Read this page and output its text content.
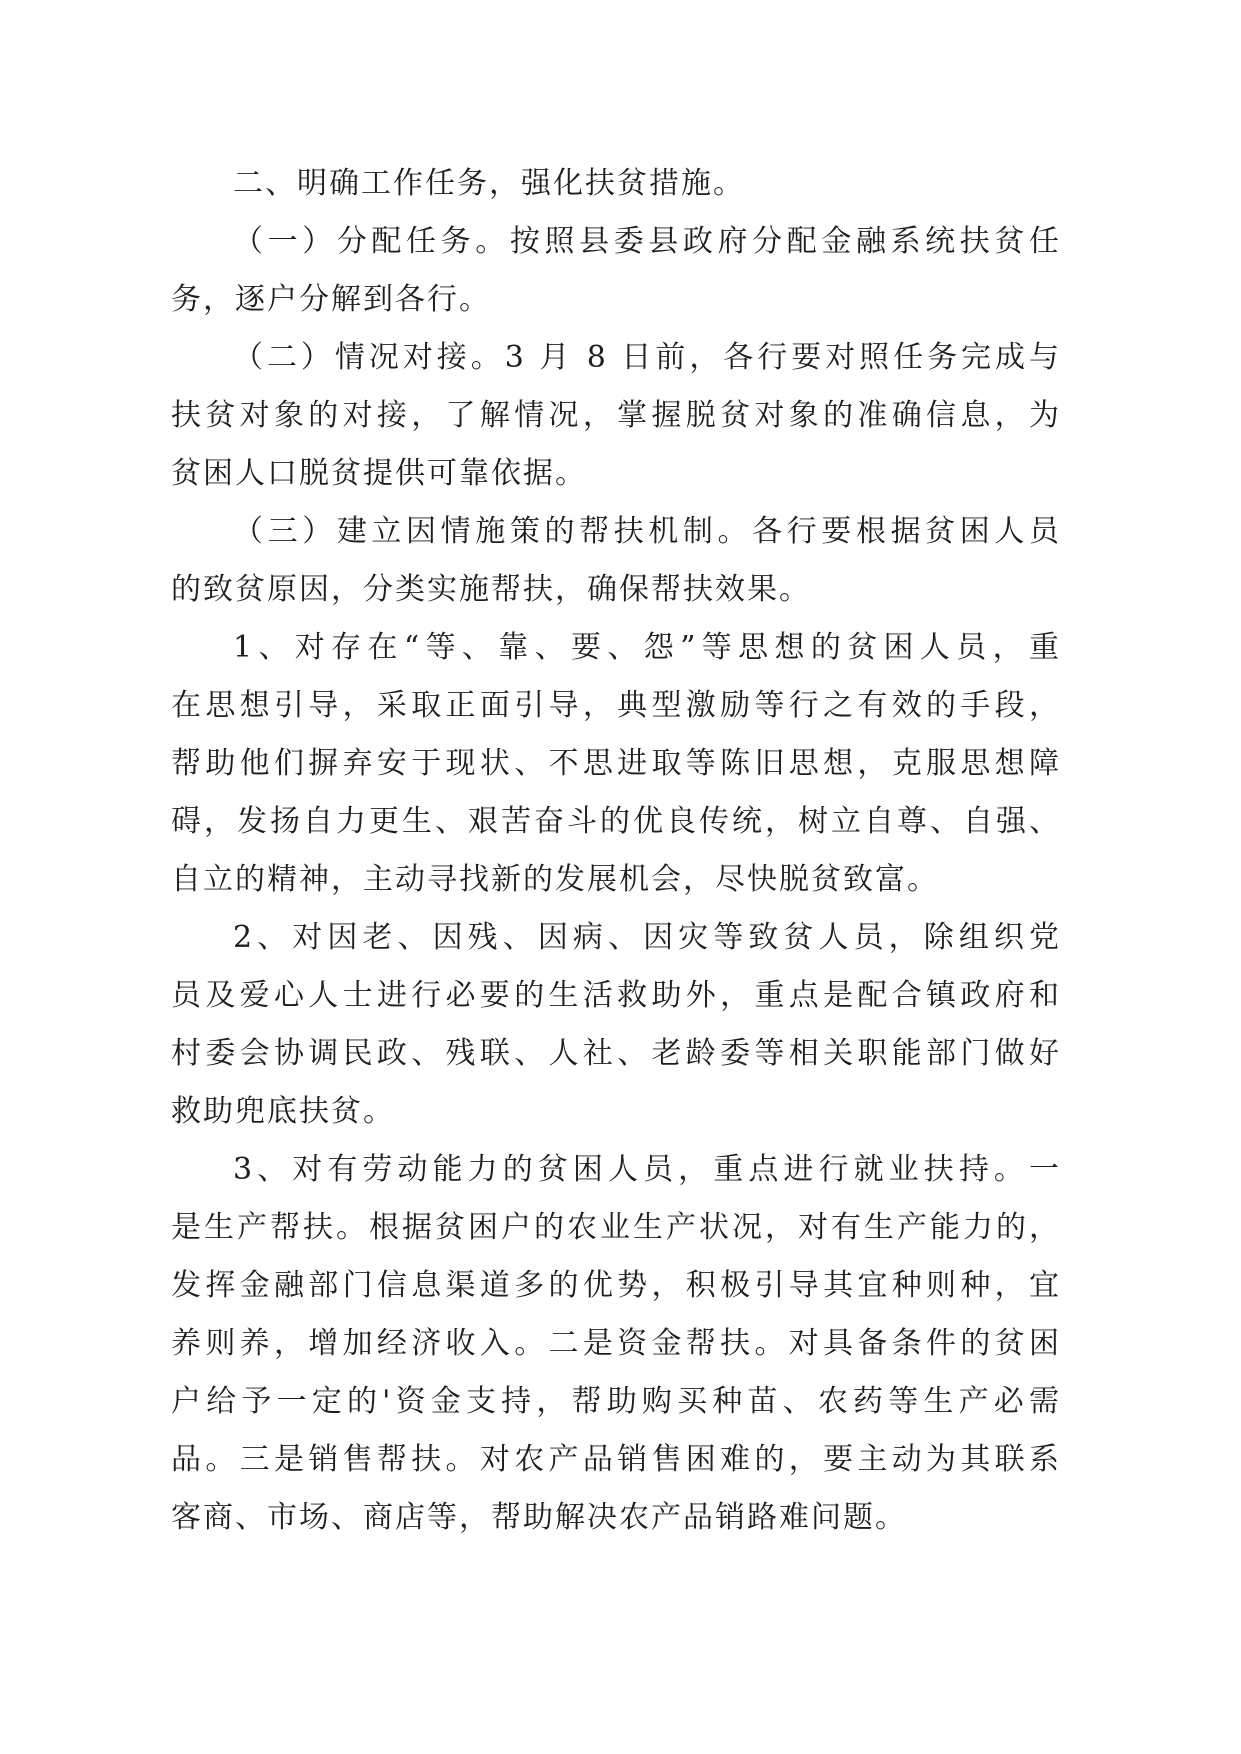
二、明确工作任务，强化扶贫措施。
（一）分配任务。按照县委县政府分配金融系统扶贫任
务，逐户分解到各行。
（二）情况对接。3 月 8 日前，各行要对照任务完成与
扶贫对象的对接，了解情况，掌握脱贫对象的准确信息，为
贫困人口脱贫提供可靠依据。
（三）建立因情施策的帮扶机制。各行要根据贫困人员
的致贫原因，分类实施帮扶，确保帮扶效果。
1、对存在“等、靠、要、怨”等思想的贫困人员，重
在思想引导，采取正面引导，典型激励等行之有效的手段，
帮助他们摒弃安于现状、不思进取等陈旧思想，克服思想障
碍，发扬自力更生、艰苦奋斗的优良传统，树立自尊、自强、
自立的精神，主动寻找新的发展机会，尽快脱贫致富。
2、对因老、因残、因病、因灾等致贫人员，除组织党
员及爱心人士进行必要的生活救助外，重点是配合镇政府和
村委会协调民政、残联、人社、老龄委等相关职能部门做好
救助兜底扶贫。
3、对有劳动能力的贫困人员，重点进行就业扶持。一
是生产帮扶。根据贫困户的农业生产状况，对有生产能力的，
发挥金融部门信息渠道多的优势，积极引导其宜种则种，宜
养则养，增加经济收入。二是资金帮扶。对具备条件的贫困
户给予一定的'资金支持，帮助购买种苗、农药等生产必需
品。三是销售帮扶。对农产品销售困难的，要主动为其联系
客商、市场、商店等，帮助解决农产品销路难问题。
